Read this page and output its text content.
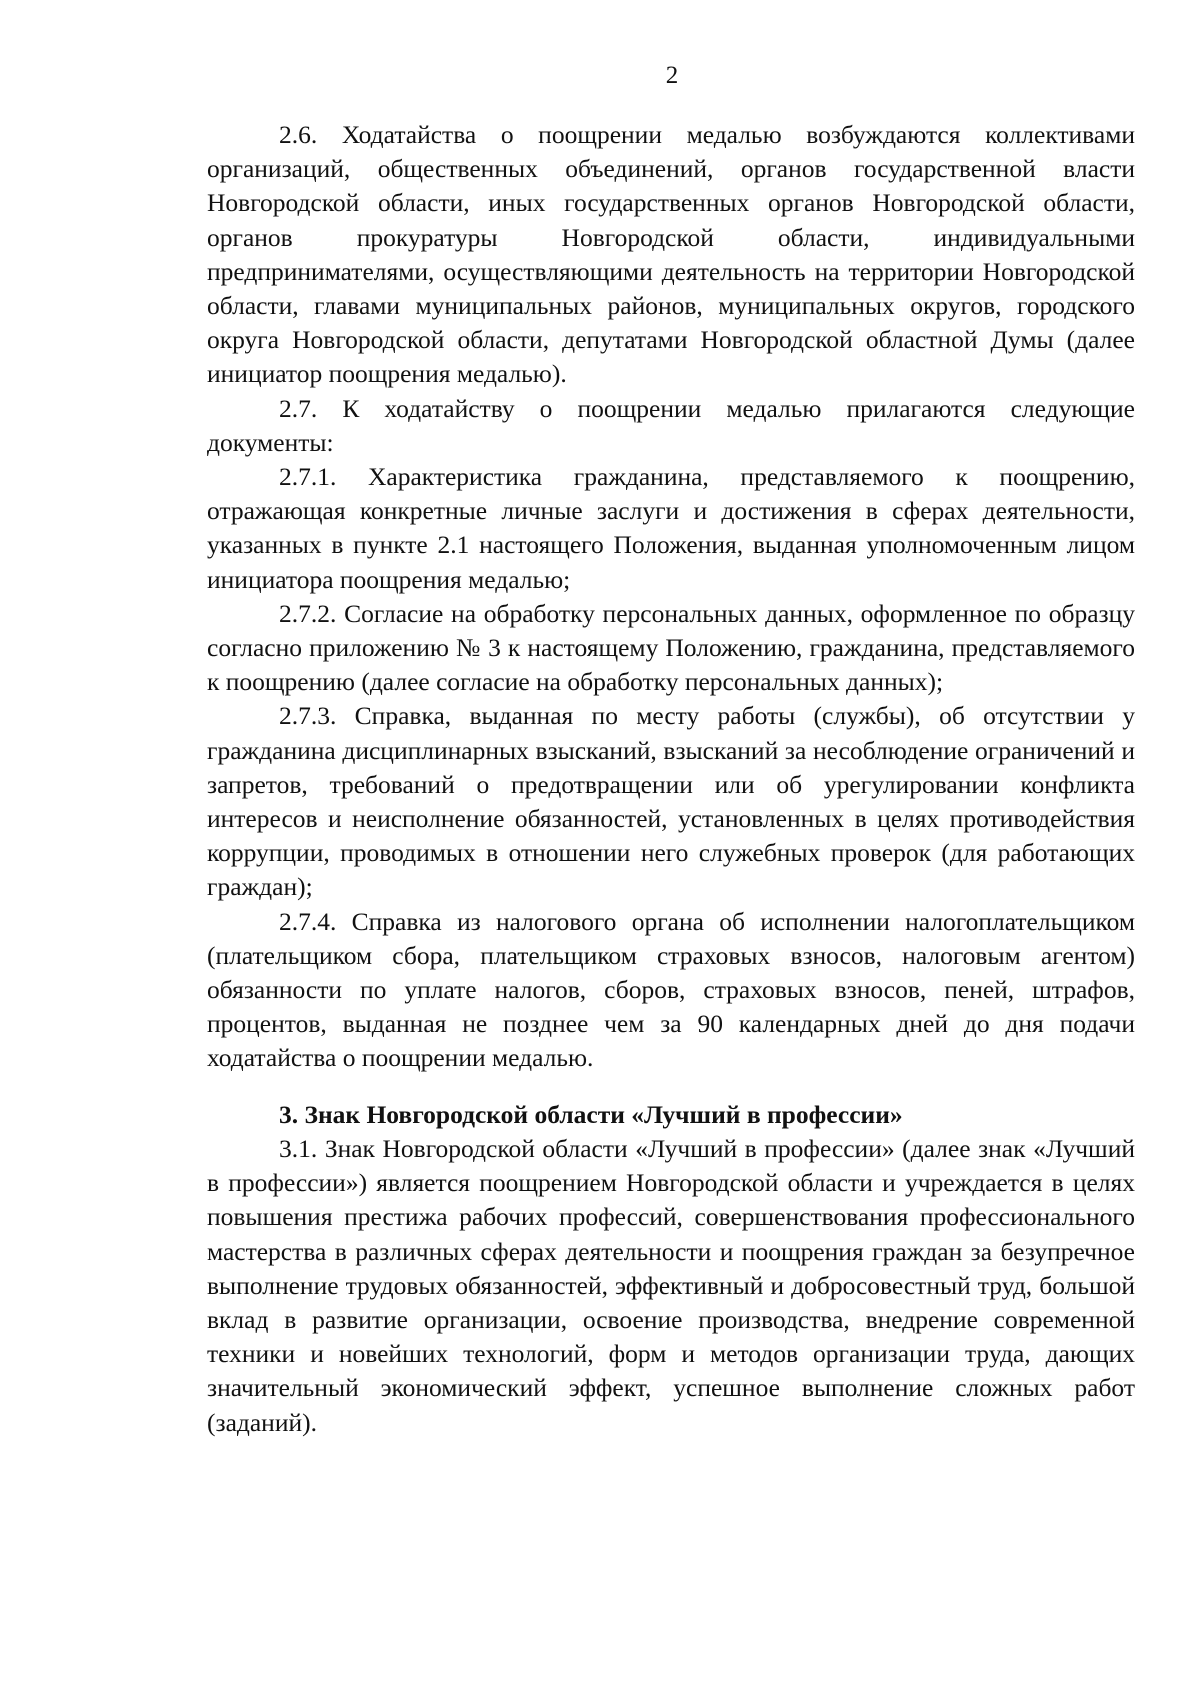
2

2.6. Ходатайства о поощрении медалью возбуждаются коллективами организаций, общественных объединений, органов государственной власти Новгородской области, иных государственных органов Новгородской области, органов прокуратуры Новгородской области, индивидуальными предпринимателями, осуществляющими деятельность на территории Новгородской области, главами муниципальных районов, муниципальных округов, городского округа Новгородской области, депутатами Новгородской областной Думы (далее инициатор поощрения медалью).

2.7. К ходатайству о поощрении медалью прилагаются следующие документы:

2.7.1. Характеристика гражданина, представляемого к поощрению, отражающая конкретные личные заслуги и достижения в сферах деятельности, указанных в пункте 2.1 настоящего Положения, выданная уполномоченным лицом инициатора поощрения медалью;

2.7.2. Согласие на обработку персональных данных, оформленное по образцу согласно приложению № 3 к настоящему Положению, гражданина, представляемого к поощрению (далее согласие на обработку персональных данных);

2.7.3. Справка, выданная по месту работы (службы), об отсутствии у гражданина дисциплинарных взысканий, взысканий за несоблюдение ограничений и запретов, требований о предотвращении или об урегулировании конфликта интересов и неисполнение обязанностей, установленных в целях противодействия коррупции, проводимых в отношении него служебных проверок (для работающих граждан);

2.7.4. Справка из налогового органа об исполнении налогоплательщиком (плательщиком сбора, плательщиком страховых взносов, налоговым агентом) обязанности по уплате налогов, сборов, страховых взносов, пеней, штрафов, процентов, выданная не позднее чем за 90 календарных дней до дня подачи ходатайства о поощрении медалью.

3. Знак Новгородской области «Лучший в профессии»

3.1. Знак Новгородской области «Лучший в профессии» (далее знак «Лучший в профессии») является поощрением Новгородской области и учреждается в целях повышения престижа рабочих профессий, совершенствования профессионального мастерства в различных сферах деятельности и поощрения граждан за безупречное выполнение трудовых обязанностей, эффективный и добросовестный труд, большой вклад в развитие организации, освоение производства, внедрение современной техники и новейших технологий, форм и методов организации труда, дающих значительный экономический эффект, успешное выполнение сложных работ (заданий).
